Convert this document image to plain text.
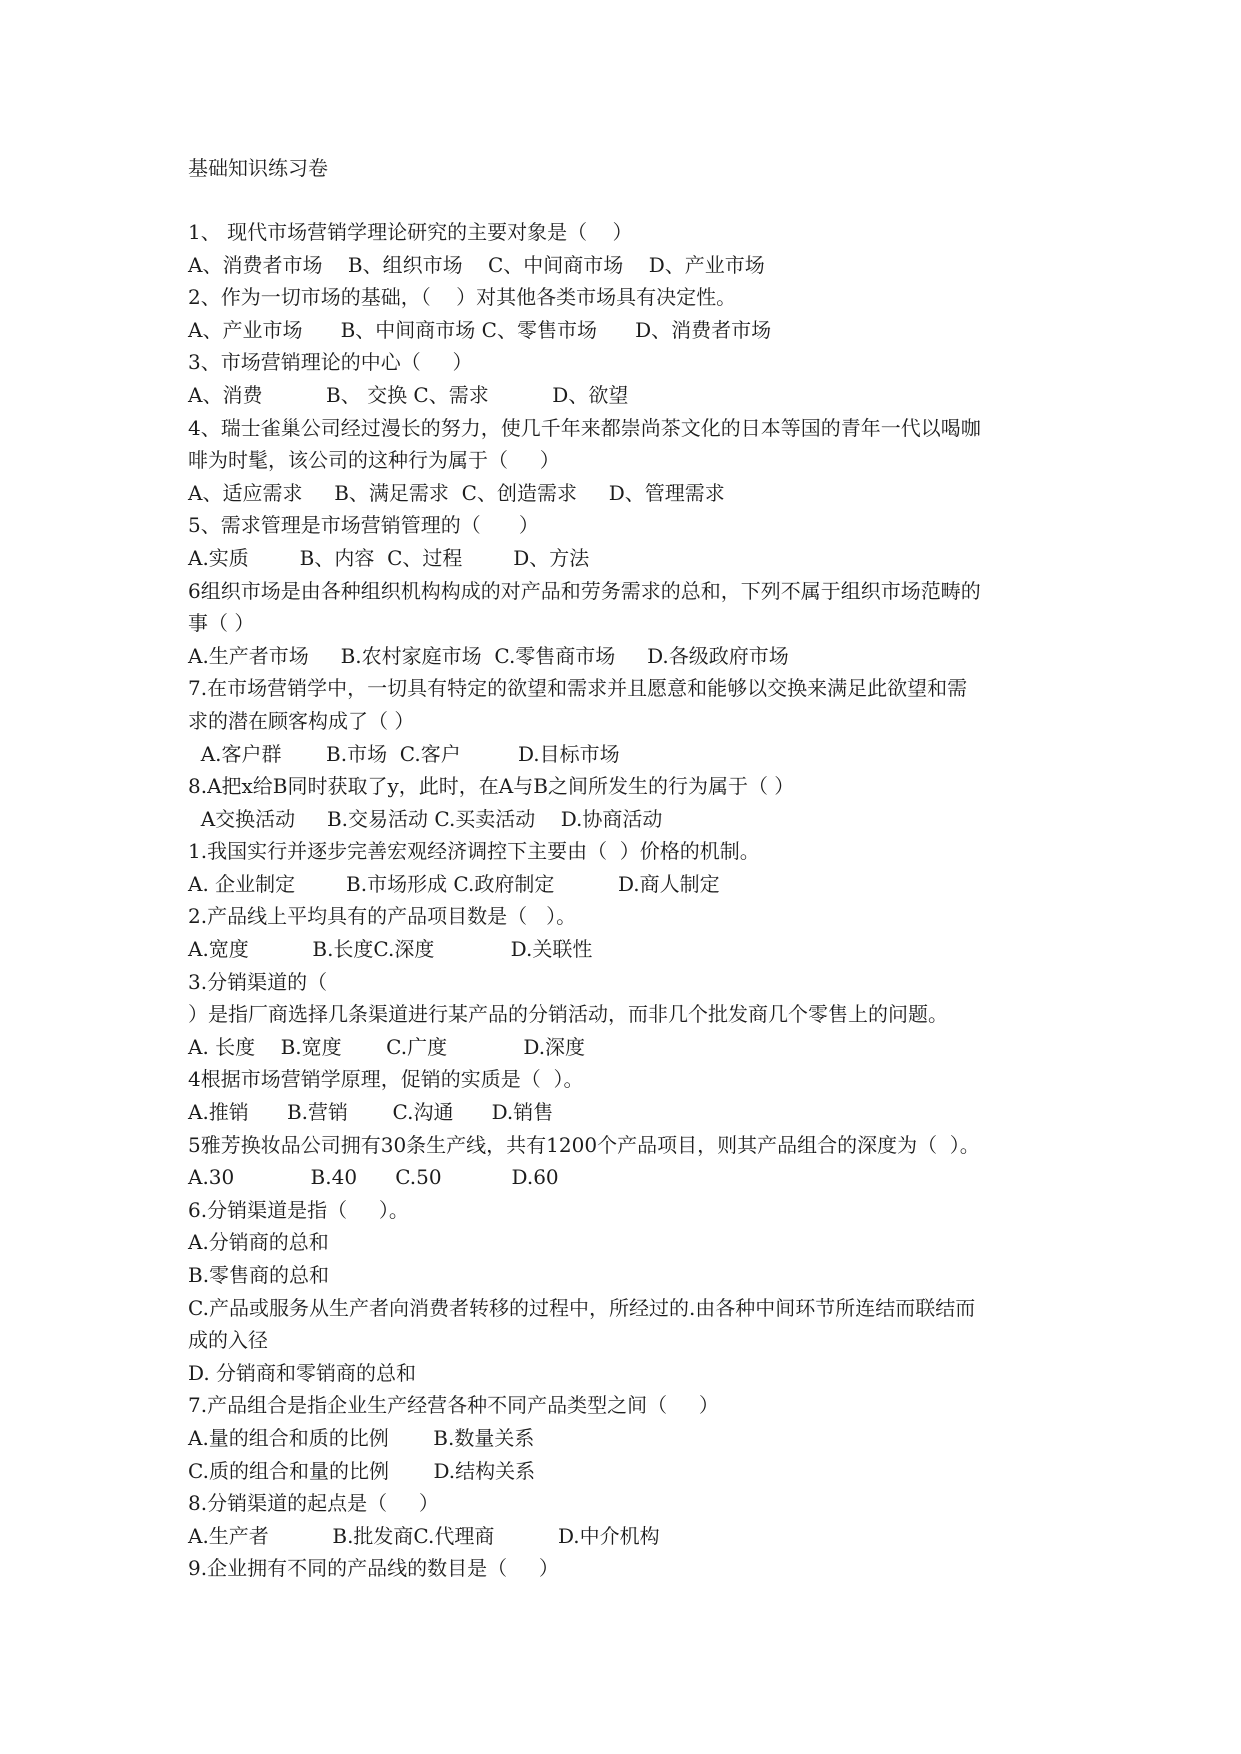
基础知识练习卷
1、 现代市场营销学理论研究的主要对象是（    ）
A、消费者市场    B、组织市场    C、中间商市场    D、产业市场
2、作为一切市场的基础，（    ）对其他各类市场具有决定性。
A、产业市场      B、中间商市场 C、零售市场      D、消费者市场
3、市场营销理论的中心（     ）
A、消费          B、 交换 C、需求          D、欲望
4、瑞士雀巢公司经过漫长的努力，使几千年来都崇尚茶文化的日本等国的青年一代以喝咖
啡为时髦，该公司的这种行为属于（     ）
A、适应需求     B、满足需求  C、创造需求     D、管理需求
5、需求管理是市场营销管理的（      ）
A.实质        B、内容  C、过程        D、方法
6组织市场是由各种组织机构构成的对产品和劳务需求的总和，下列不属于组织市场范畴的
事（ ）
A.生产者市场     B.农村家庭市场  C.零售商市场     D.各级政府市场
7.在市场营销学中，一切具有特定的欲望和需求并且愿意和能够以交换来满足此欲望和需
求的潜在顾客构成了（ ）
A.客户群       B.市场  C.客户         D.目标市场
8.A把x给B同时获取了y，此时，在A与B之间所发生的行为属于（ ）
A交换活动     B.交易活动 C.买卖活动    D.协商活动
1.我国实行并逐步完善宏观经济调控下主要由（  ）价格的机制。
A. 企业制定        B.市场形成 C.政府制定          D.商人制定
2.产品线上平均具有的产品项目数是（   ）。
A.宽度          B.长度C.深度            D.关联性
3.分销渠道的（
）是指厂商选择几条渠道进行某产品的分销活动，而非几个批发商几个零售上的问题。
A. 长度    B.宽度       C.广度            D.深度
4根据市场营销学原理，促销的实质是（  ）。
A.推销      B.营销       C.沟通      D.销售
5雅芳换妆品公司拥有30条生产线，共有1200个产品项目，则其产品组合的深度为（  ）。
A.30            B.40      C.50           D.60
6.分销渠道是指（     ）。
A.分销商的总和
B.零售商的总和
C.产品或服务从生产者向消费者转移的过程中，所经过的.由各种中间环节所连结而联结而
成的入径
D. 分销商和零销商的总和
7.产品组合是指企业生产经营各种不同产品类型之间（     ）
A.量的组合和质的比例       B.数量关系
C.质的组合和量的比例       D.结构关系
8.分销渠道的起点是（     ）
A.生产者          B.批发商C.代理商          D.中介机构
9.企业拥有不同的产品线的数目是（     ）
